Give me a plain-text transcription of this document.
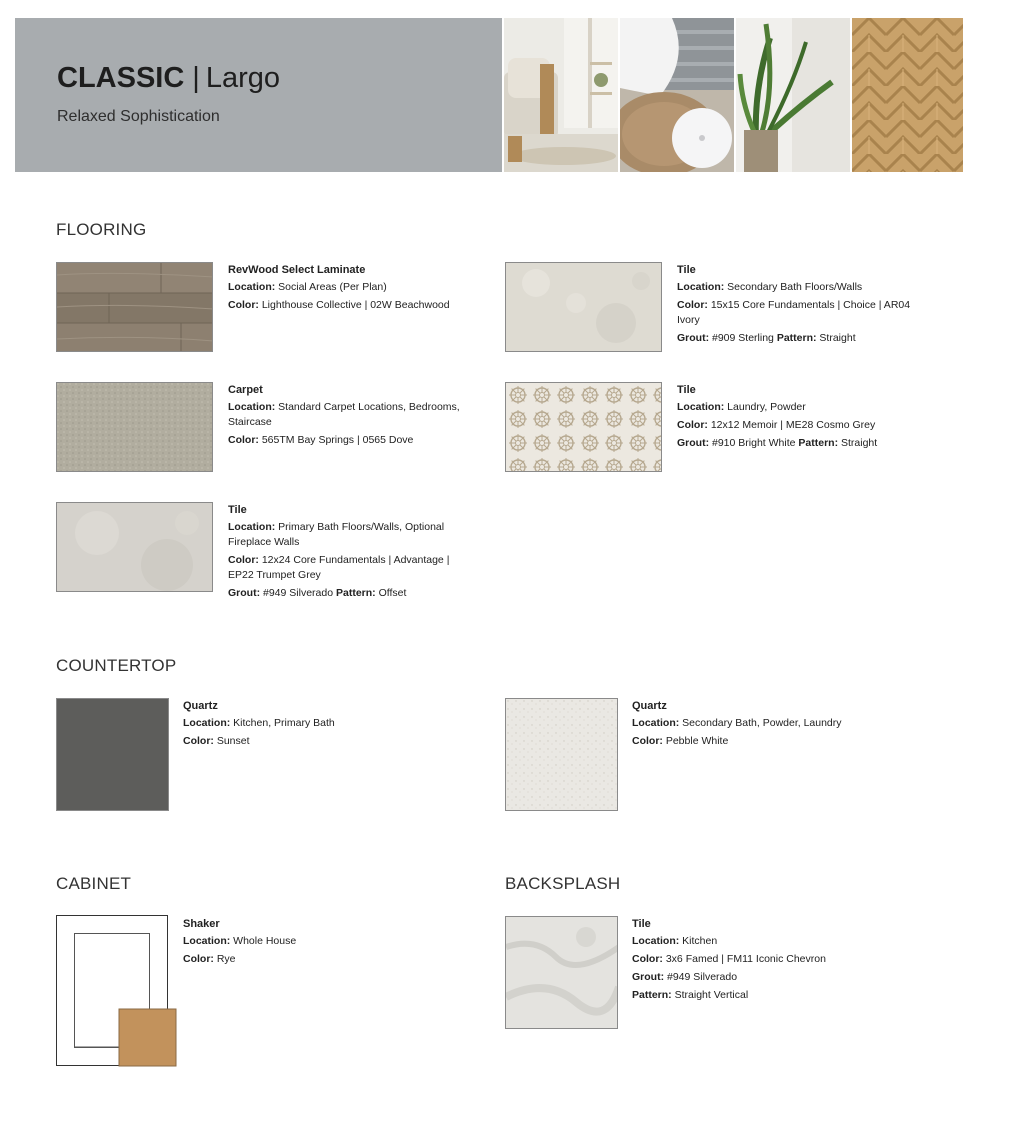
CLASSIC | Largo
Relaxed Sophistication
FLOORING
RevWood Select Laminate
Location: Social Areas (Per Plan)
Color: Lighthouse Collective | 02W Beachwood
Tile
Location: Secondary Bath Floors/Walls
Color: 15x15 Core Fundamentals | Choice | AR04 Ivory
Grout: #909 Sterling Pattern: Straight
Carpet
Location: Standard Carpet Locations, Bedrooms, Staircase
Color: 565TM Bay Springs | 0565 Dove
Tile
Location: Laundry, Powder
Color: 12x12 Memoir | ME28 Cosmo Grey
Grout: #910 Bright White Pattern: Straight
Tile
Location: Primary Bath Floors/Walls, Optional Fireplace Walls
Color: 12x24 Core Fundamentals | Advantage | EP22 Trumpet Grey
Grout: #949 Silverado Pattern: Offset
COUNTERTOP
Quartz
Location: Kitchen, Primary Bath
Color: Sunset
Quartz
Location: Secondary Bath, Powder, Laundry
Color: Pebble White
CABINET
Shaker
Location: Whole House
Color: Rye
BACKSPLASH
Tile
Location: Kitchen
Color: 3x6 Famed | FM11 Iconic Chevron
Grout: #949 Silverado
Pattern: Straight Vertical
